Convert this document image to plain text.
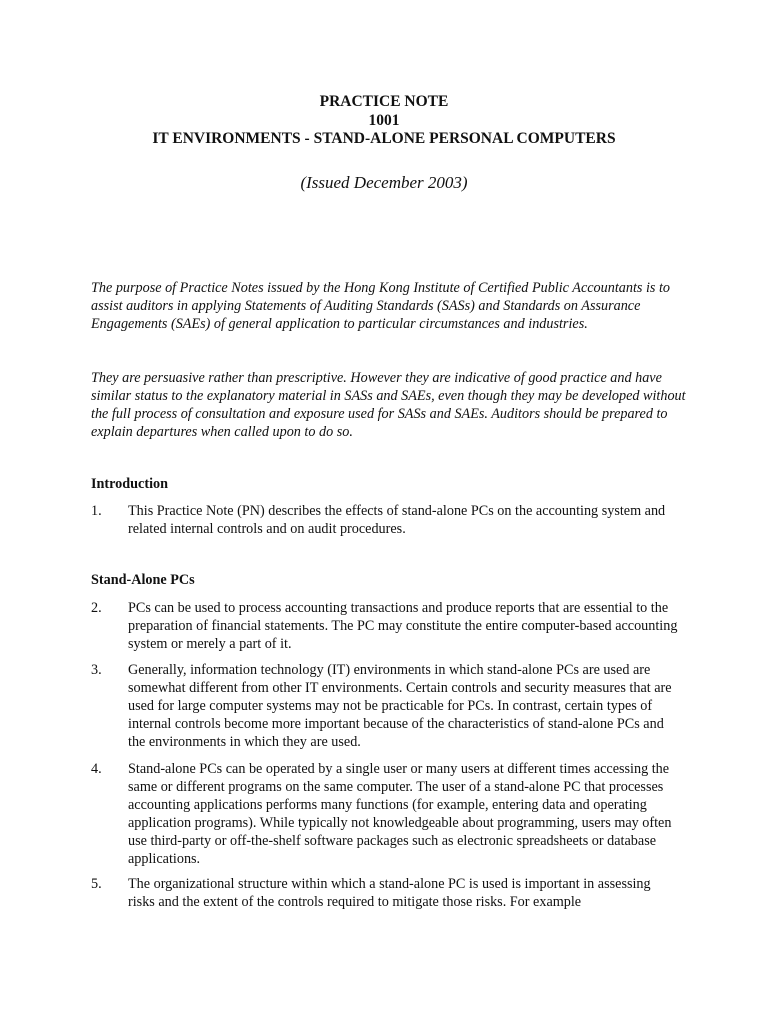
PRACTICE NOTE
1001
IT ENVIRONMENTS - STAND-ALONE PERSONAL COMPUTERS
(Issued December 2003)

The purpose of Practice Notes issued by the Hong Kong Institute of Certified Public Accountants is to assist auditors in applying Statements of Auditing Standards (SASs) and Standards on Assurance Engagements (SAEs) of general application to particular circumstances and industries.

They are persuasive rather than prescriptive. However they are indicative of good practice and have similar status to the explanatory material in SASs and SAEs, even though they may be developed without the full process of consultation and exposure used for SASs and SAEs. Auditors should be prepared to explain departures when called upon to do so.

Introduction
1.	This Practice Note (PN) describes the effects of stand-alone PCs on the accounting system and related internal controls and on audit procedures.

Stand-Alone PCs
2.	PCs can be used to process accounting transactions and produce reports that are essential to the preparation of financial statements. The PC may constitute the entire computer-based accounting system or merely a part of it.

3.	Generally, information technology (IT) environments in which stand-alone PCs are used are somewhat different from other IT environments. Certain controls and security measures that are used for large computer systems may not be practicable for PCs. In contrast, certain types of internal controls become more important because of the characteristics of stand-alone PCs and the environments in which they are used.

4.	Stand-alone PCs can be operated by a single user or many users at different times accessing the same or different programs on the same computer. The user of a stand-alone PC that processes accounting applications performs many functions (for example, entering data and operating application programs). While typically not knowledgeable about programming, users may often use third-party or off-the-shelf software packages such as electronic spreadsheets or database applications.

5.	The organizational structure within which a stand-alone PC is used is important in assessing risks and the extent of the controls required to mitigate those risks. For example
